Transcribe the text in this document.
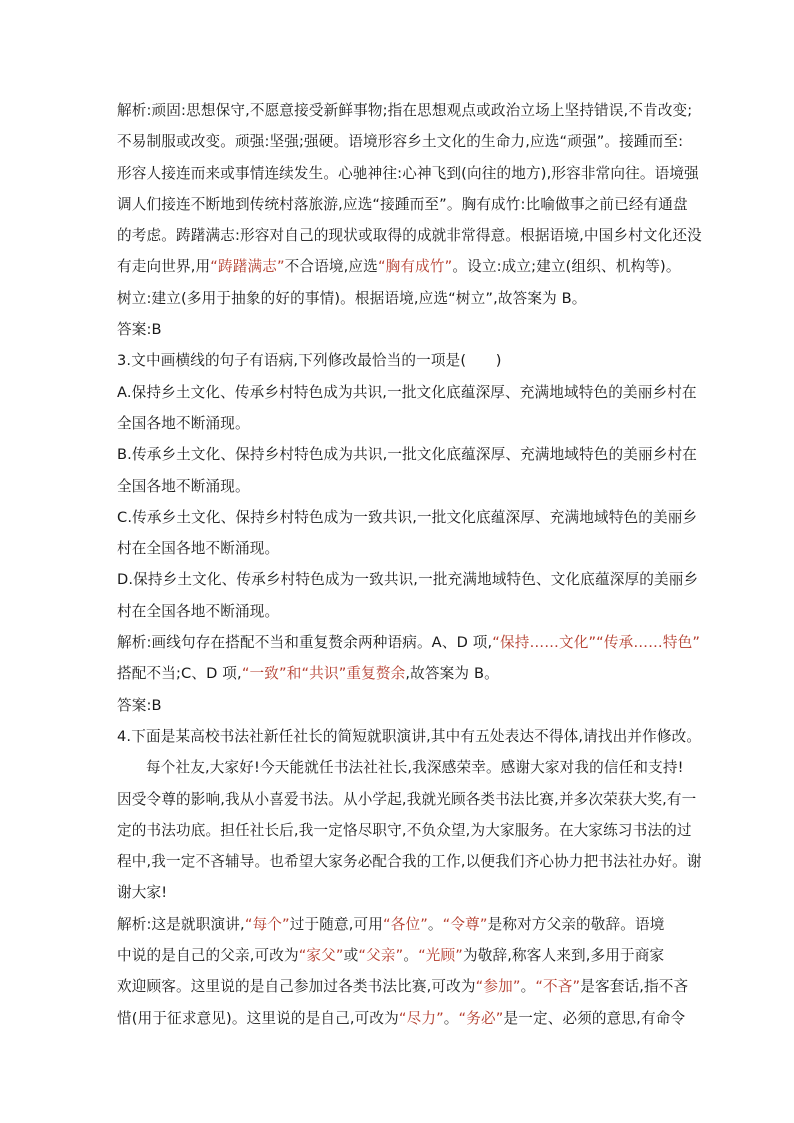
解析:顽固:思想保守,不愿意接受新鲜事物;指在思想观点或政治立场上坚持错误,不肯改变;
不易制服或改变。顽强:坚强;强硬。语境形容乡土文化的生命力,应选“顽强”。接踵而至:
形容人接连而来或事情连续发生。心驰神往:心神飞到(向往的地方),形容非常向往。语境强
调人们接连不断地到传统村落旅游,应选“接踵而至”。胸有成竹:比喻做事之前已经有通盘
的考虑。踌躇满志:形容对自己的现状或取得的成就非常得意。根据语境,中国乡村文化还没
有走向世界,用“踌躇满志”不合语境,应选“胸有成竹”。设立:成立;建立(组织、机构等)。
树立:建立(多用于抽象的好的事情)。根据语境,应选“树立”,故答案为 B。
答案:B
3.文中画横线的句子有语病,下列修改最恰当的一项是(　　)
A.保持乡土文化、传承乡村特色成为共识,一批文化底蕴深厚、充满地域特色的美丽乡村在
全国各地不断涌现。
B.传承乡土文化、保持乡村特色成为共识,一批文化底蕴深厚、充满地域特色的美丽乡村在
全国各地不断涌现。
C.传承乡土文化、保持乡村特色成为一致共识,一批文化底蕴深厚、充满地域特色的美丽乡
村在全国各地不断涌现。
D.保持乡土文化、传承乡村特色成为一致共识,一批充满地域特色、文化底蕴深厚的美丽乡
村在全国各地不断涌现。
解析:画线句存在搭配不当和重复赘余两种语病。A、D 项,“保持……文化”“传承……特色”
搭配不当;C、D 项,“一致”和“共识”重复赘余,故答案为 B。
答案:B
4.下面是某高校书法社新任社长的简短就职演讲,其中有五处表达不得体,请找出并作修改。
每个社友,大家好!今天能就任书法社社长,我深感荣幸。感谢大家对我的信任和支持!
因受令尊的影响,我从小喜爱书法。从小学起,我就光顾各类书法比赛,并多次荣获大奖,有一
定的书法功底。担任社长后,我一定恪尽职守,不负众望,为大家服务。在大家练习书法的过
程中,我一定不吝辅导。也希望大家务必配合我的工作,以便我们齐心协力把书法社办好。谢
谢大家!
解析:这是就职演讲,“每个”过于随意,可用“各位”。“令尊”是称对方父亲的敬辞。语境
中说的是自己的父亲,可改为“家父”或“父亲”。“光顾”为敬辞,称客人来到,多用于商家
欢迎顾客。这里说的是自己参加过各类书法比赛,可改为“参加”。“不吝”是客套话,指不吝
惜(用于征求意见)。这里说的是自己,可改为“尽力”。“务必”是一定、必须的意思,有命令
